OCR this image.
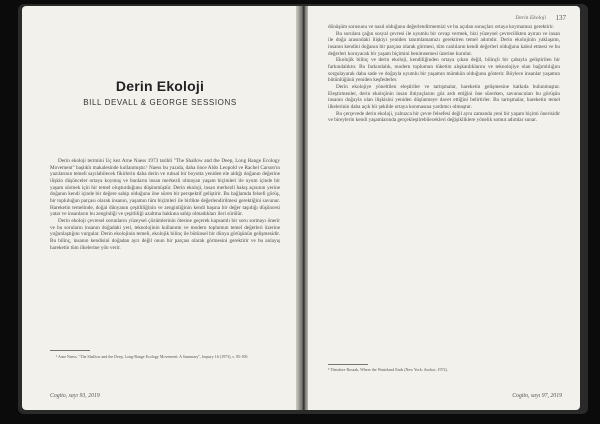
Derin Ekoloji
BILL DEVALL & GEORGE SESSIONS

Derin ekoloji terimini Üç kez Arne Naess 1973 tarihli "The Shallow and the Deep, Long Range Ecology Movement" başlıklı makalesinde kullanmıştır.¹ Naess bu yazıda, daha önce Aldo Leopold ve Rachel Carson'ın yazılarının temeli sayılabilecek fikirlerin daha derin ve ruhsal bir boyutta yeniden ele aldığı doğanın değerine ilişkin düşünceler ortaya koymuş ve bunların insan merkezli olmayan yaşam biçimleri ile uyum içinde bir yaşam sürmek için bir temel oluşturduğunu düşünmüştür. Derin ekoloji, insan merkezli bakış açısının yerine doğanın kendi içinde bir değere sahip olduğunu öne süren bir perspektif geliştirir. Bu bağlamda felsefi görüş, bir topluluğun parçası olarak insanın, yaşamın tüm biçimleri ile birlikte değerlendirilmesi gerektiğini savunur. Hareketin temelinde, doğal dünyanın çeşitliliğinin ve zenginliğinin kendi başına bir değer taşıdığı düşüncesi yatar ve insanların bu zenginliği ve çeşitliliği azaltma hakkına sahip olmadıkları ileri sürülür.

Derin ekoloji çevresel sorunların yüzeysel çözümlerinin ötesine geçerek kapsamlı bir soru sormayı önerir ve bu soruların insanın doğadaki yeri, teknolojinin kullanımı ve modern toplumun temel değerleri üzerine yoğunlaştığını vurgular. Derin ekolojinin temeli, ekolojik bilinç ile bütünsel bir dünya görüşünün gelişmesidir. Bu bilinç, insanın kendisini doğadan ayrı değil onun bir parçası olarak görmesini gerektirir ve bu anlayış hareketin tüm ilkelerine yön verir.

¹ Arne Naess, "The Shallow and the Deep, Long-Range Ecology Movement: A Summary", Inquiry 16 (1973), s. 95-100.

Cogito, sayı 93, 2019
Derin Ekoloji 137

dönüşüm sorusunu ve nasıl olduğunu değerlendirmemizi ve bu açıdan sonuçları ortaya koymamızı gerektirir.

Bu sorulara çağın sosyal çevresi ile uyumlu bir cevap vermek, bizi yüzeysel çevrecilikten ayıran ve insan ile doğa arasındaki ilişkiyi yeniden tanımlamamızı gerektiren temel adımdır. Derin ekolojinin yaklaşımı, insanın kendini doğanın bir parçası olarak görmesi, tüm canlıların kendi değerleri olduğunu kabul etmesi ve bu değerleri koruyacak bir yaşam biçimini benimsemesi üzerine kurulur.

Ekolojik bilinç ve derin ekoloji, kendiliğinden ortaya çıkan değil, bilinçli bir çabayla geliştirilen bir farkındalıktır. Bu farkındalık, modern toplumun tüketim alışkanlıklarını ve teknolojiye olan bağımlılığını sorgulayarak daha sade ve doğayla uyumlu bir yaşamın mümkün olduğunu gösterir. Böylece insanlar yaşamın bütünlüğünü yeniden keşfederler.

Derin ekolojiye yöneltilen eleştiriler ve tartışmalar, hareketin gelişmesine katkıda bulunmuştur. Eleştirmenler, derin ekolojinin insan ihtiyaçlarını göz ardı ettiğini öne sürerken, savunucuları bu görüşün insanın doğayla olan ilişkisini yeniden düşünmeye davet ettiğini belirtirler. Bu tartışmalar, hareketin temel ilkelerinin daha açık bir şekilde ortaya konmasına yardımcı olmuştur.

Bu çerçevede derin ekoloji, yalnızca bir çevre felsefesi değil aynı zamanda yeni bir yaşam biçimi önerisidir ve bireylerin kendi yaşamlarında gerçekleştirebilecekleri değişikliklere yönelik somut adımlar sunar.

² Theodore Roszak, Where the Wasteland Ends (New York: Anchor, 1972).

Cogito, sayı 97, 2019
